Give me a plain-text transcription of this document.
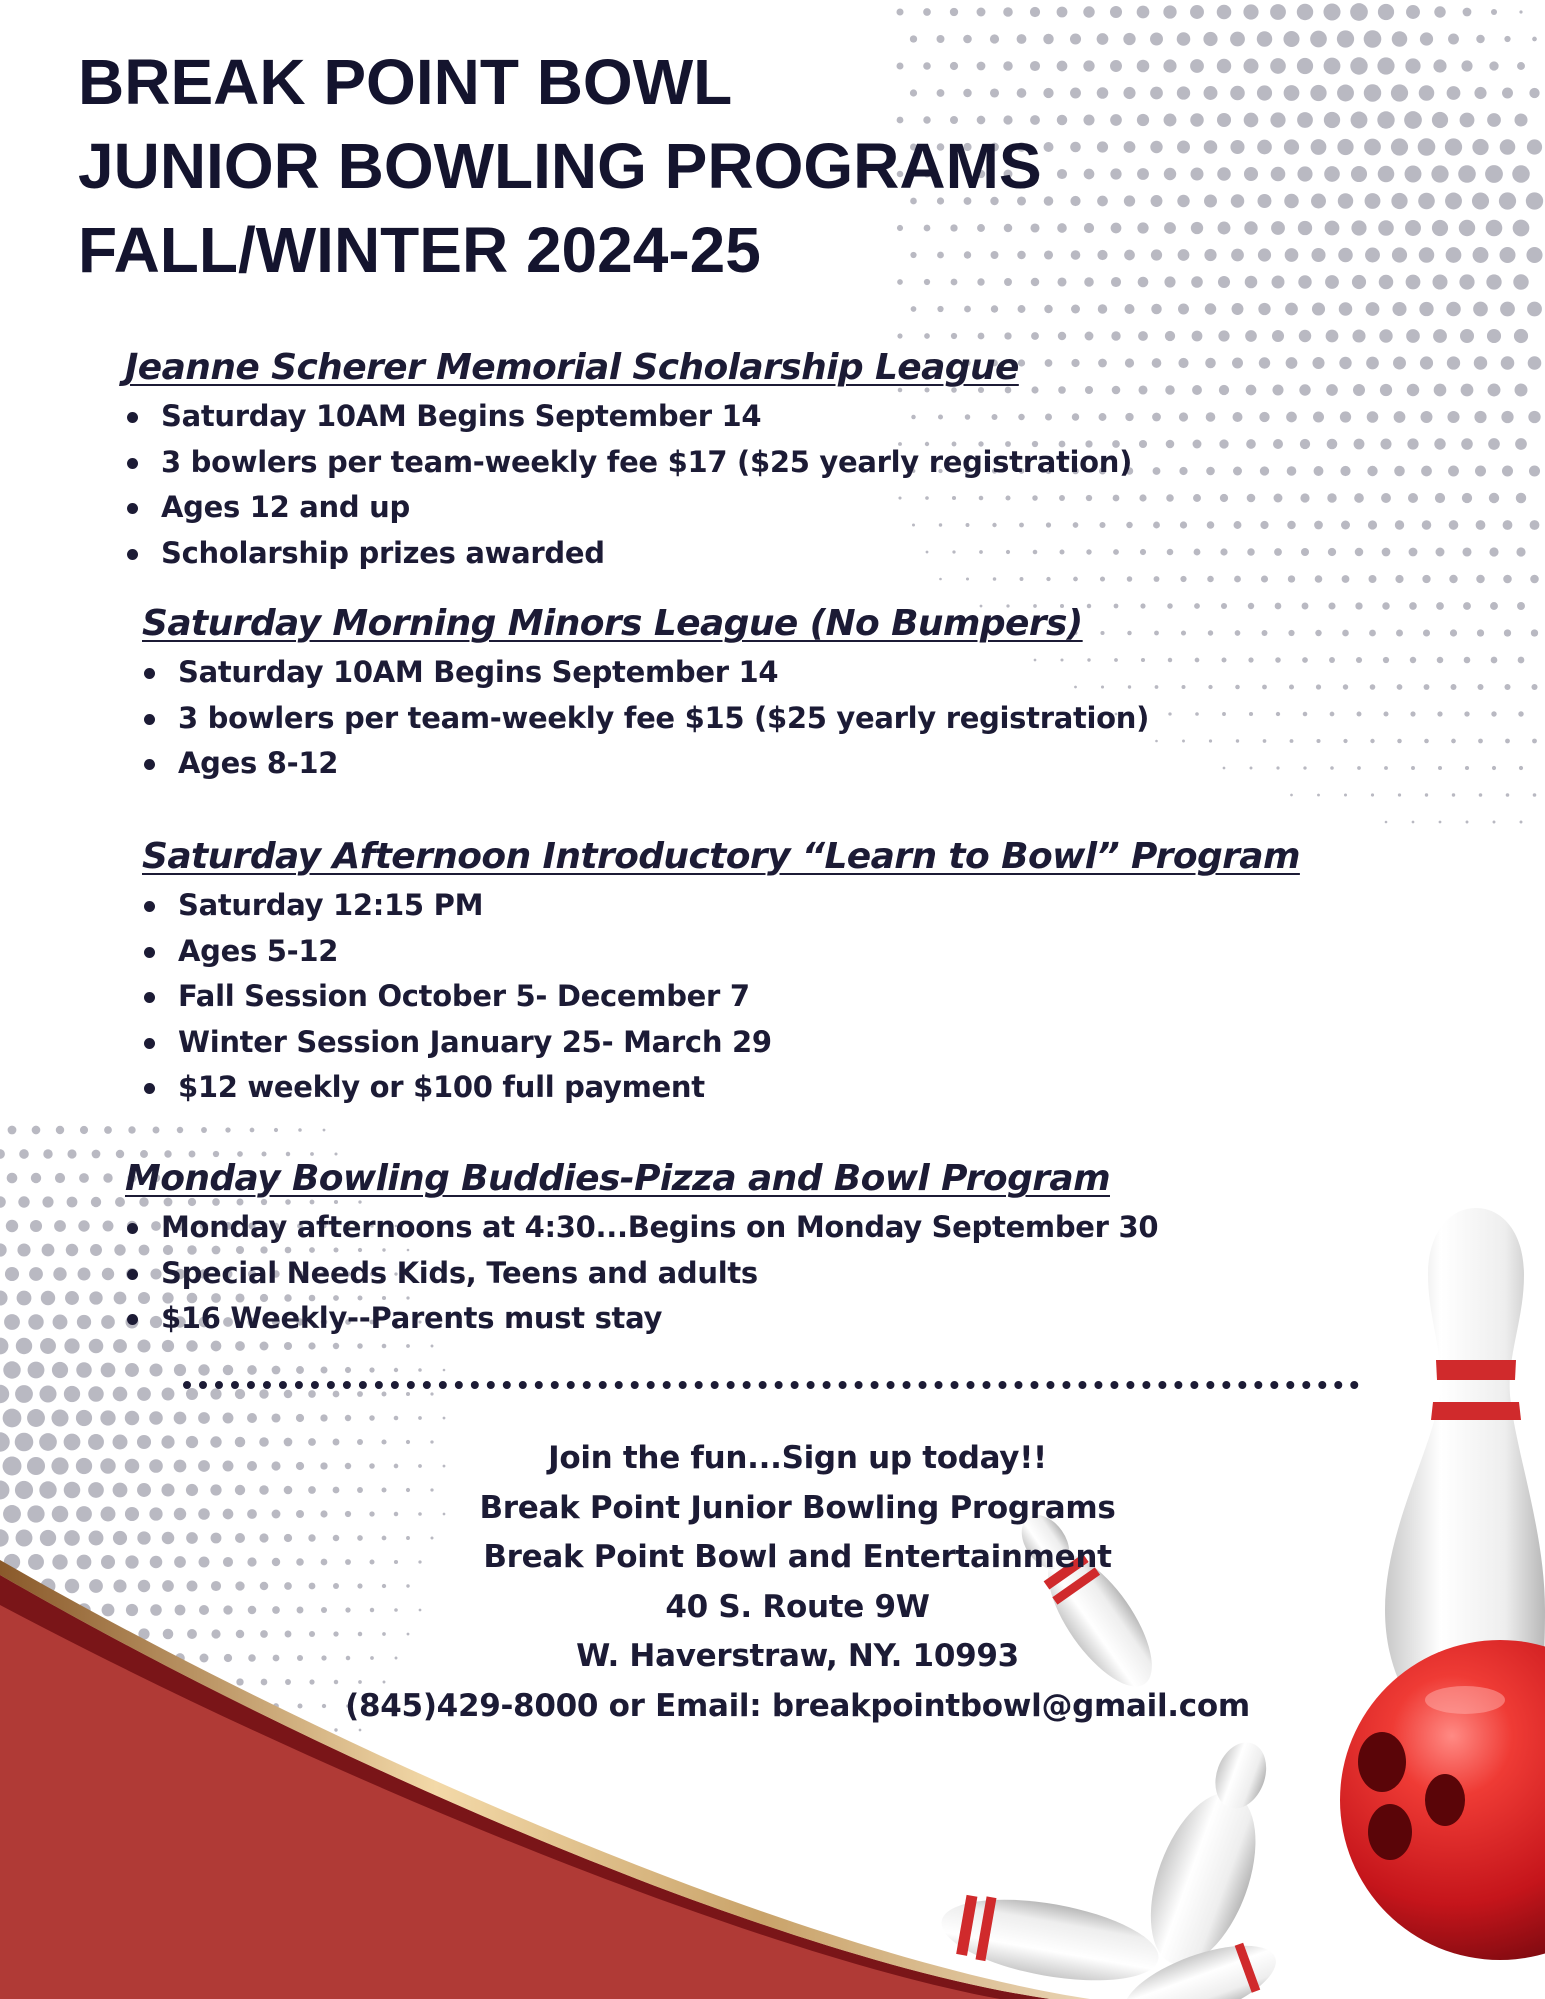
BREAK POINT BOWL
JUNIOR BOWLING PROGRAMS
FALL/WINTER 2024-25
Jeanne Scherer Memorial Scholarship League
Saturday 10AM Begins September 14
3 bowlers per team-weekly fee $17 ($25 yearly registration)
Ages 12 and up
Scholarship prizes awarded
Saturday Morning Minors League (No Bumpers)
Saturday 10AM Begins September 14
3 bowlers per team-weekly fee $15 ($25 yearly registration)
Ages 8-12
Saturday Afternoon Introductory “Learn to Bowl” Program
Saturday 12:15 PM
Ages 5-12
Fall Session October 5- December 7
Winter Session January 25- March 29
$12 weekly or $100 full payment
Monday Bowling Buddies-Pizza and Bowl Program
Monday afternoons at 4:30...Begins on Monday September 30
Special Needs Kids, Teens and adults
$16 Weekly--Parents must stay
Join the fun...Sign up today!!
Break Point Junior Bowling Programs
Break Point Bowl and Entertainment
40 S. Route 9W
W. Haverstraw, NY. 10993
(845)429-8000 or Email: breakpointbowl@gmail.com
